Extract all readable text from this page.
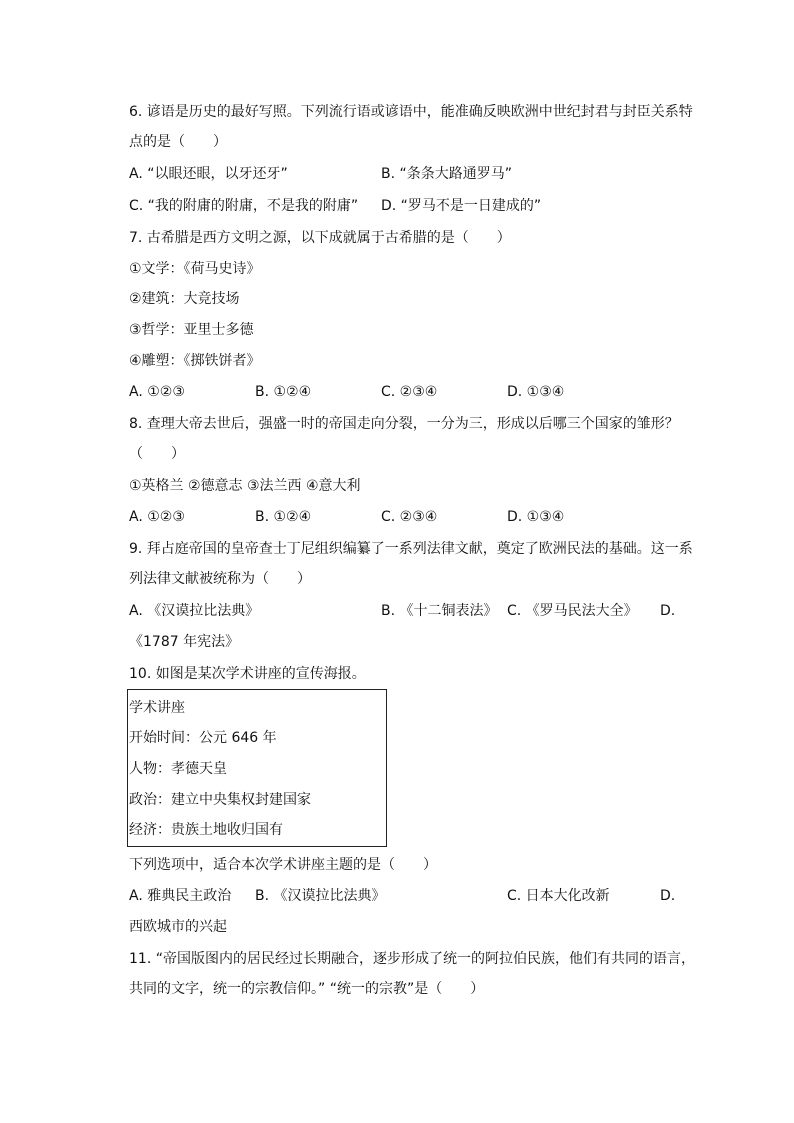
6. 谚语是历史的最好写照。下列流行语或谚语中，能准确反映欧洲中世纪封君与封臣关系特
点的是（　　）
A. “以眼还眼，以牙还牙”	B. “条条大路通罗马”
C. “我的附庸的附庸，不是我的附庸” D. “罗马不是一日建成的”
7. 古希腊是西方文明之源，以下成就属于古希腊的是（　　）
①文学：《荷马史诗》
②建筑：大竞技场
③哲学：亚里士多德
④雕塑：《掷铁饼者》
A. ①②③	B. ①②④	C. ②③④	D. ①③④
8. 查理大帝去世后，强盛一时的帝国走向分裂，一分为三，形成以后哪三个国家的雏形？
（　　）
①英格兰 ②德意志 ③法兰西 ④意大利
A. ①②③	B. ①②④	C. ②③④	D. ①③④
9. 拜占庭帝国的皇帝查士丁尼组织编纂了一系列法律文献，奠定了欧洲民法的基础。这一系
列法律文献被统称为（　　）
A. 《汉谟拉比法典》	B. 《十二铜表法》 C. 《罗马民法大全》 D.
《1787 年宪法》
10. 如图是某次学术讲座的宣传海报。
学术讲座
开始时间：公元 646 年
人物：孝德天皇
政治：建立中央集权封建国家
经济：贵族土地收归国有
下列选项中，适合本次学术讲座主题的是（　　）
A. 雅典民主政治 B. 《汉谟拉比法典》	C. 日本大化改新	D.
西欧城市的兴起
11. “帝国版图内的居民经过长期融合，逐步形成了统一的阿拉伯民族，他们有共同的语言，
共同的文字，统一的宗教信仰。” “统一的宗教”是（　　）
